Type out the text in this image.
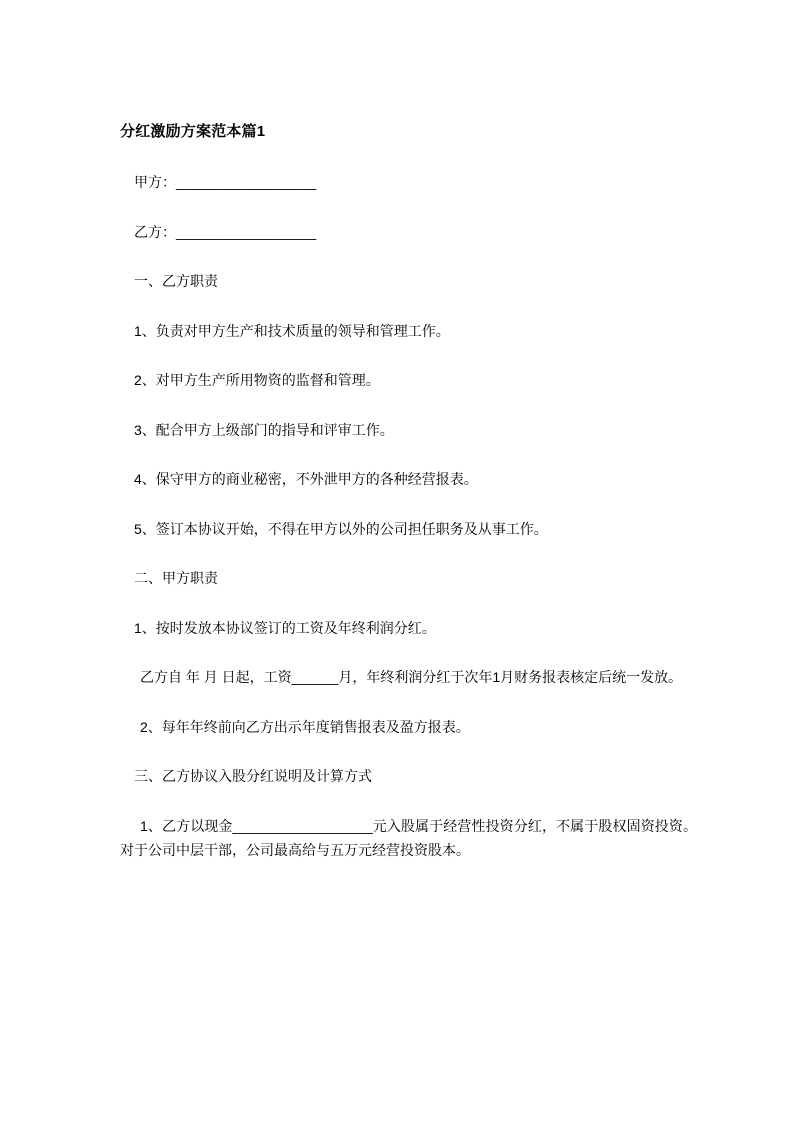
分红激励方案范本篇1

甲方：__________________

乙方：__________________

一、乙方职责

1、负责对甲方生产和技术质量的领导和管理工作。

2、对甲方生产所用物资的监督和管理。

3、配合甲方上级部门的指导和评审工作。

4、保守甲方的商业秘密，不外泄甲方的各种经营报表。

5、签订本协议开始，不得在甲方以外的公司担任职务及从事工作。

二、甲方职责

1、按时发放本协议签订的工资及年终利润分红。

乙方自 年 月 日起，工资______月，年终利润分红于次年1月财务报表核定后统一发放。

2、每年年终前向乙方出示年度销售报表及盈方报表。

三、乙方协议入股分红说明及计算方式

1、乙方以现金__________________元入股属于经营性投资分红，不属于股权固资投资。对于公司中层干部，公司最高给与五万元经营投资股本。
